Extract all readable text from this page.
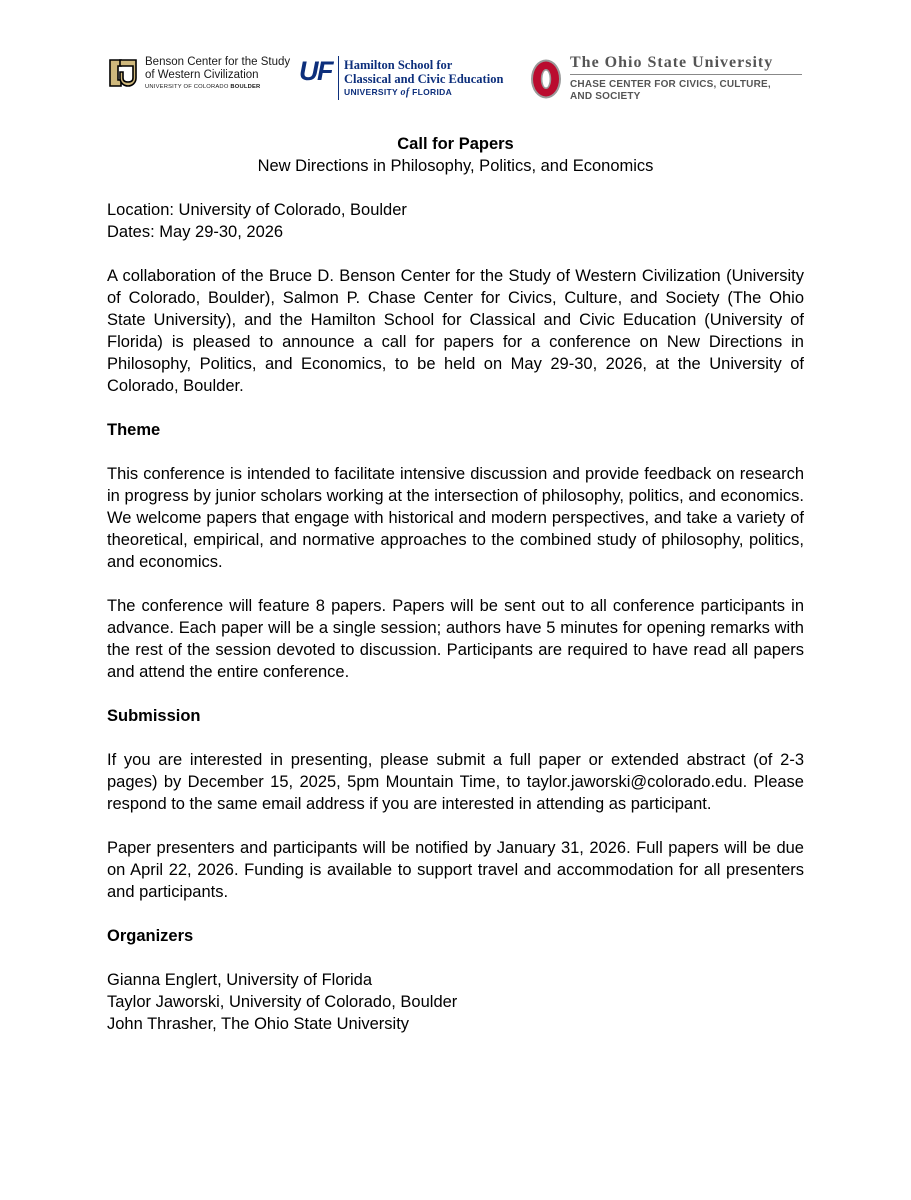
Benson Center for the Study
of Western Civilization
UNIVERSITY OF COLORADO BOULDER
UF Hamilton School for
Classical and Civic Education
UNIVERSITY of FLORIDA
The Ohio State University
CHASE CENTER FOR CIVICS, CULTURE,
AND SOCIETY
Call for Papers
New Directions in Philosophy, Politics, and Economics

Location: University of Colorado, Boulder
Dates: May 29-30, 2026

A collaboration of the Bruce D. Benson Center for the Study of Western Civilization (University of Colorado, Boulder), Salmon P. Chase Center for Civics, Culture, and Society (The Ohio State University), and the Hamilton School for Classical and Civic Education (University of Florida) is pleased to announce a call for papers for a conference on New Directions in Philosophy, Politics, and Economics, to be held on May 29-30, 2026, at the University of Colorado, Boulder.

Theme

This conference is intended to facilitate intensive discussion and provide feedback on research in progress by junior scholars working at the intersection of philosophy, politics, and economics. We welcome papers that engage with historical and modern perspectives, and take a variety of theoretical, empirical, and normative approaches to the combined study of philosophy, politics, and economics.

The conference will feature 8 papers. Papers will be sent out to all conference participants in advance. Each paper will be a single session; authors have 5 minutes for opening remarks with the rest of the session devoted to discussion. Participants are required to have read all papers and attend the entire conference.

Submission

If you are interested in presenting, please submit a full paper or extended abstract (of 2-3 pages) by December 15, 2025, 5pm Mountain Time, to taylor.jaworski@colorado.edu. Please respond to the same email address if you are interested in attending as participant.

Paper presenters and participants will be notified by January 31, 2026. Full papers will be due on April 22, 2026. Funding is available to support travel and accommodation for all presenters and participants.

Organizers

Gianna Englert, University of Florida
Taylor Jaworski, University of Colorado, Boulder
John Thrasher, The Ohio State University
